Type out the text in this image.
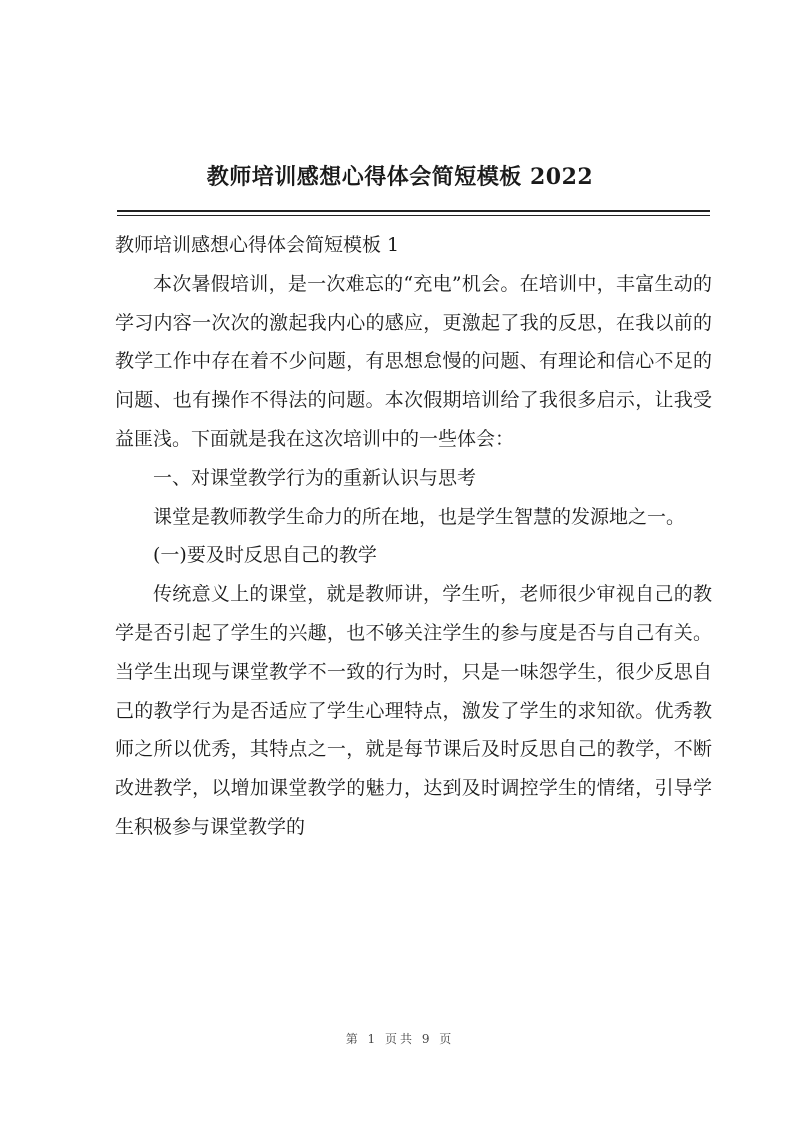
教师培训感想心得体会简短模板 2022

教师培训感想心得体会简短模板 1

本次暑假培训，是一次难忘的“充电”机会。在培训中，丰富生动的学习内容一次次的激起我内心的感应，更激起了我的反思，在我以前的教学工作中存在着不少问题，有思想怠慢的问题、有理论和信心不足的问题、也有操作不得法的问题。本次假期培训给了我很多启示，让我受益匪浅。下面就是我在这次培训中的一些体会：

一、对课堂教学行为的重新认识与思考

课堂是教师教学生命力的所在地，也是学生智慧的发源地之一。

(一)要及时反思自己的教学

传统意义上的课堂，就是教师讲，学生听，老师很少审视自己的教学是否引起了学生的兴趣，也不够关注学生的参与度是否与自己有关。当学生出现与课堂教学不一致的行为时，只是一味怨学生，很少反思自己的教学行为是否适应了学生心理特点，激发了学生的求知欲。优秀教师之所以优秀，其特点之一，就是每节课后及时反思自己的教学，不断改进教学，以增加课堂教学的魅力，达到及时调控学生的情绪，引导学生积极参与课堂教学的

第 1 页共 9 页
